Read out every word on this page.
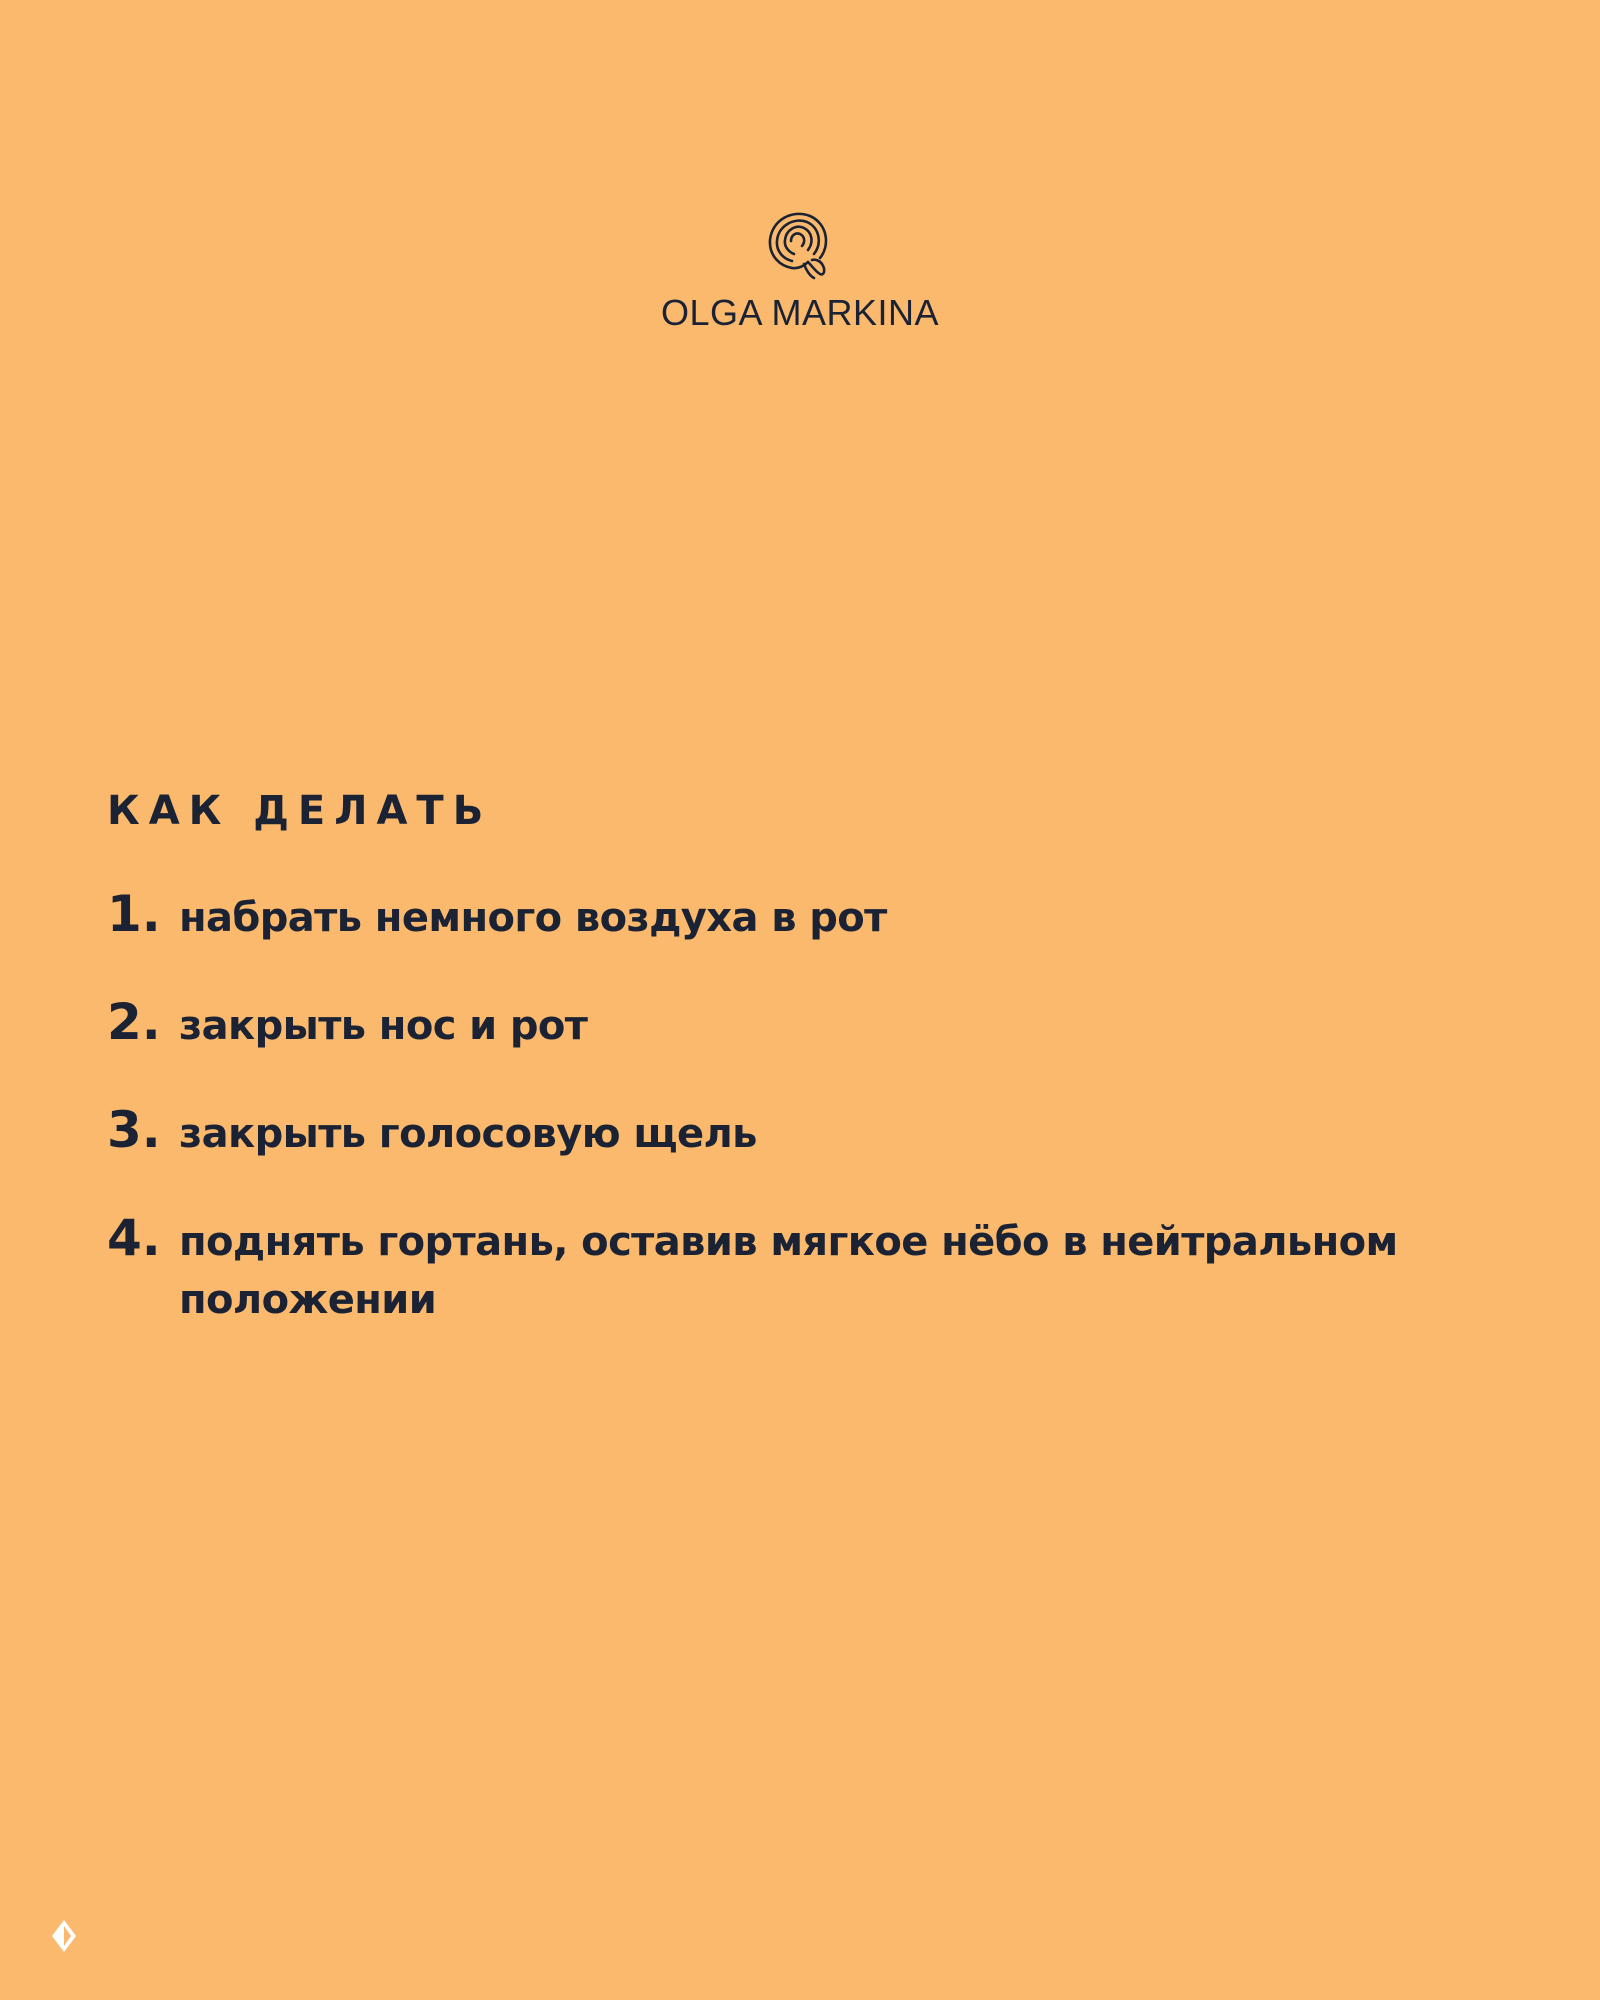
OLGA MARKINA
КАК ДЕЛАТЬ
1. набрать немного воздуха в рот
2. закрыть нос и рот
3. закрыть голосовую щель
4. поднять гортань, оставив мягкое нёбо в нейтральном положении
